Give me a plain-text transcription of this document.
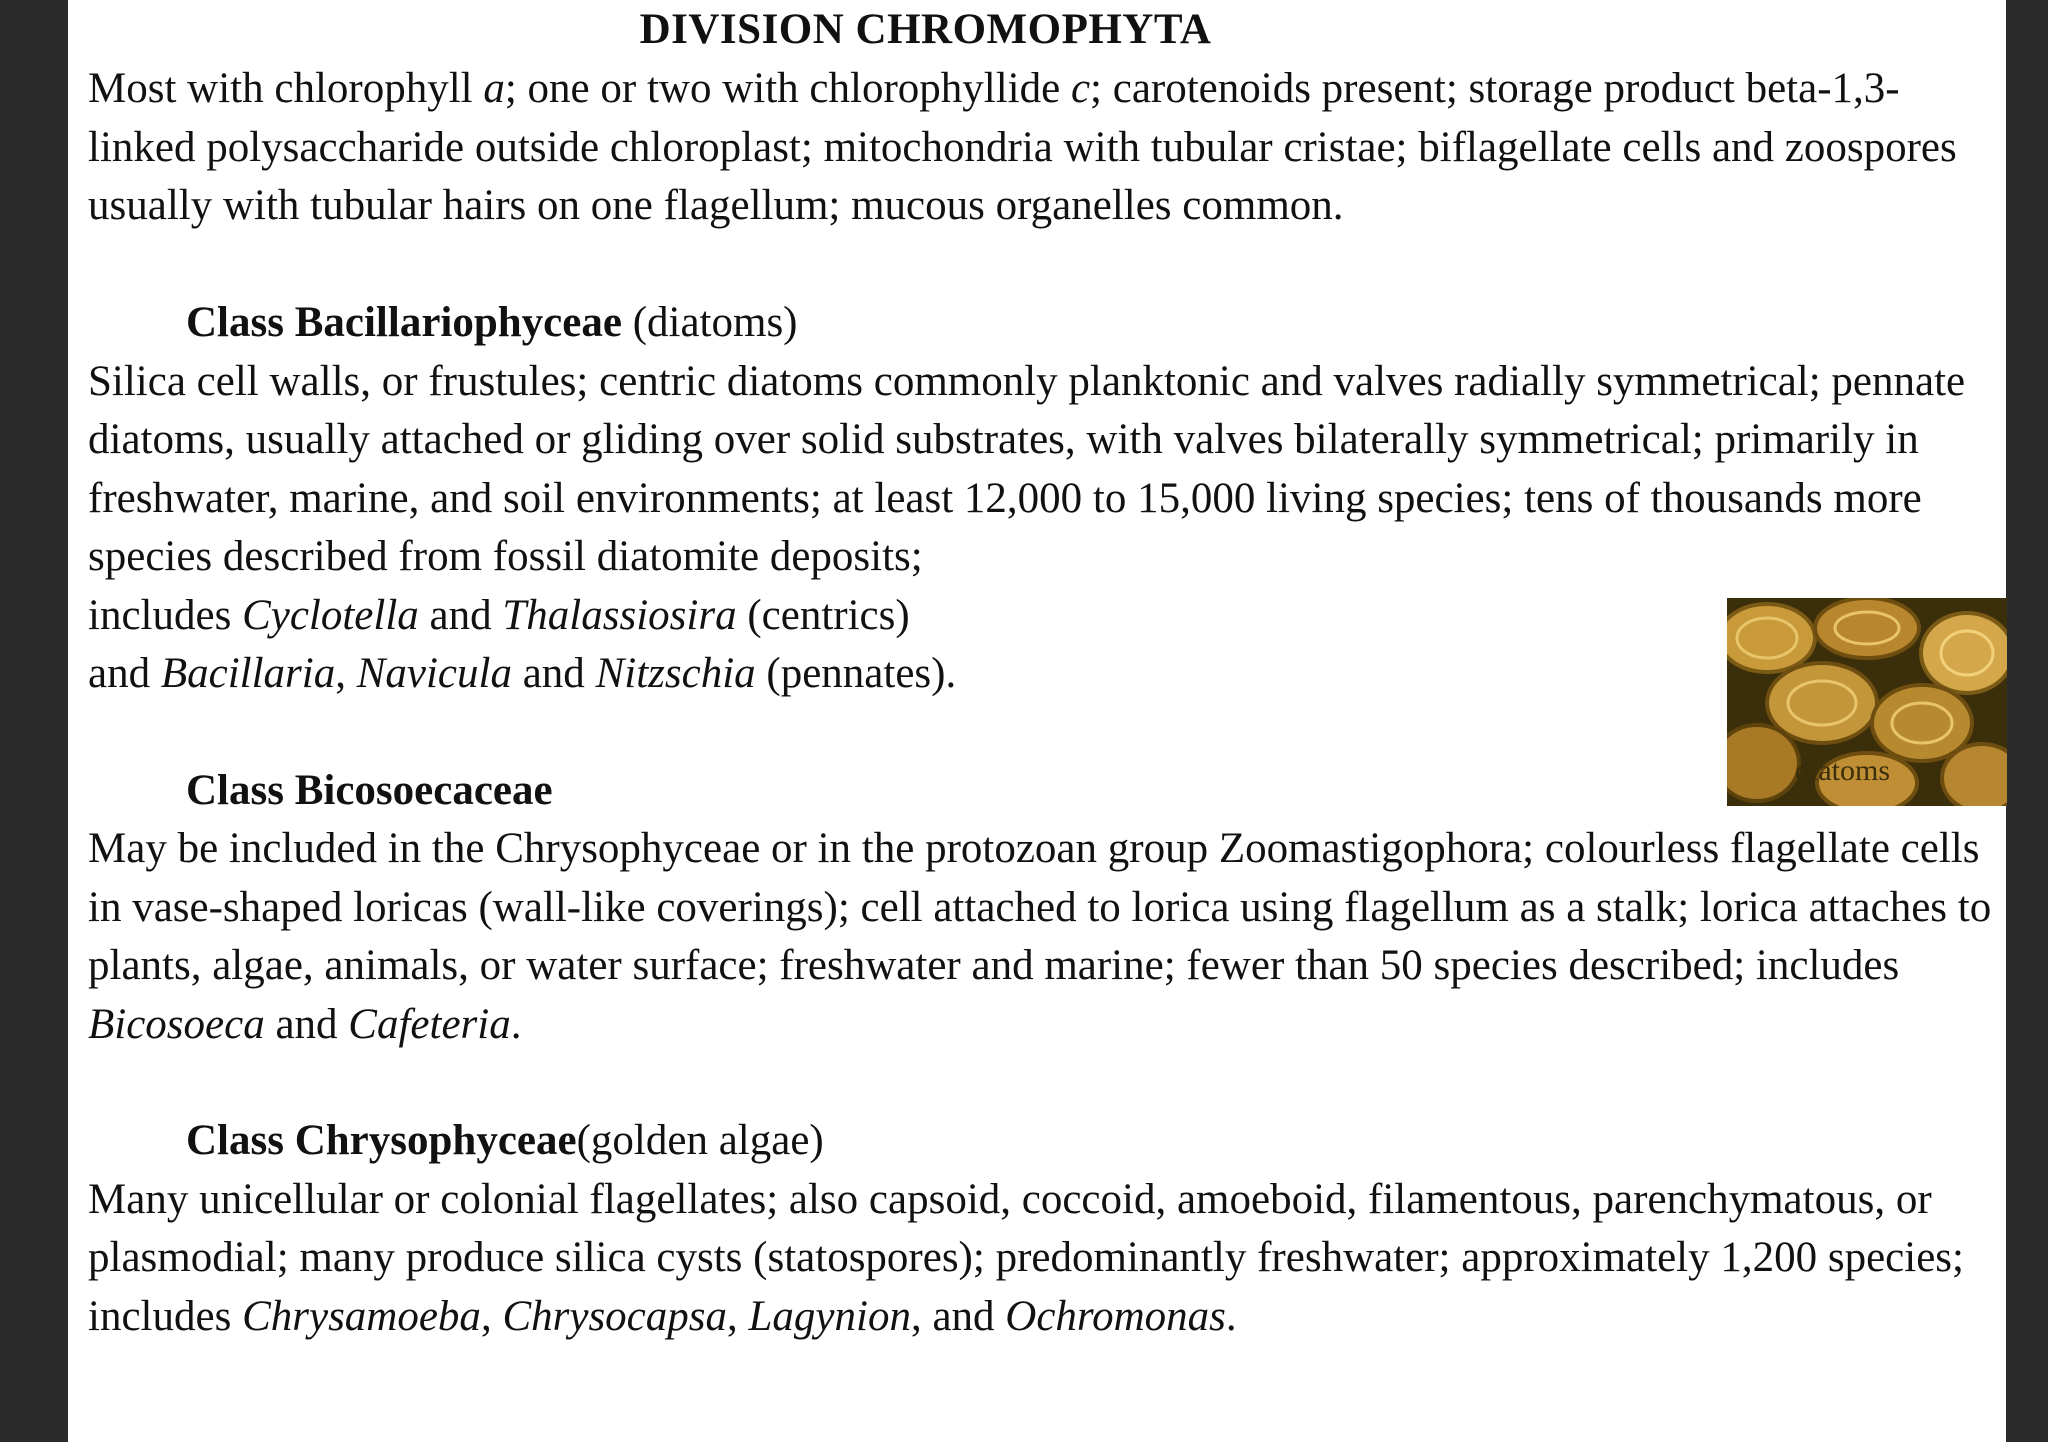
DIVISION CHROMOPHYTA

Most with chlorophyll a; one or two with chlorophyllide c; carotenoids present; storage product beta-1,3-linked polysaccharide outside chloroplast; mitochondria with tubular cristae; biflagellate cells and zoospores usually with tubular hairs on one flagellum; mucous organelles common.

Class Bacillariophyceae (diatoms)

Silica cell walls, or frustules; centric diatoms commonly planktonic and valves radially symmetrical; pennate diatoms, usually attached or gliding over solid substrates, with valves bilaterally symmetrical; primarily in freshwater, marine, and soil environments; at least 12,000 to 15,000 living species; tens of thousands more species described from fossil diatomite deposits;
includes Cyclotella and Thalassiosira (centrics)
and Bacillaria, Navicula and Nitzschia (pennates).

Class Bicosoecaceae

May be included in the Chrysophyceae or in the protozoan group Zoomastigophora; colourless flagellate cells in vase-shaped loricas (wall-like coverings); cell attached to lorica using flagellum as a stalk; lorica attaches to plants, algae, animals, or water surface; freshwater and marine; fewer than 50 species described; includes Bicosoeca and Cafeteria.

Class Chrysophyceae(golden algae)

Many unicellular or colonial flagellates; also capsoid, coccoid, amoeboid, filamentous, parenchymatous, or plasmodial; many produce silica cysts (statospores); predominantly freshwater; approximately 1,200 species; includes Chrysamoeba, Chrysocapsa, Lagynion, and Ochromonas.

diatoms
